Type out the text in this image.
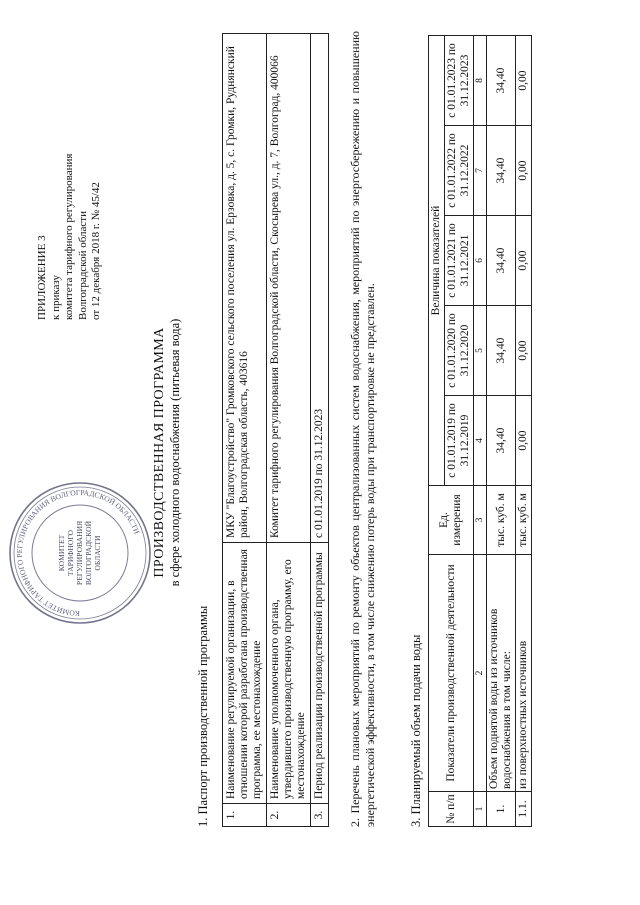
КОМИТЕТ ТАРИФНОГО РЕГУЛИРОВАНИЯ ВОЛГОГРАДСКОЙ ОБЛАСТИ
КОМИТЕТ ТАРИФНОГО РЕГУЛИРОВАНИЯ ВОЛГОГРАДСКОЙ ОБЛАСТИ
ПРИЛОЖЕНИЕ 3 к приказу комитета тарифного регулирования Волгоградской области от 12 декабря 2018 г. № 45/42
ПРОИЗВОДСТВЕННАЯ ПРОГРАММА в сфере холодного водоснабжения (питьевая вода)
1. Паспорт производственной программы 1.	Наименование регулируемой организации, в отношении которой разработана производственная программа, ее местонахождение	МКУ "Благоустройство" Громковского сельского поселения ул. Ерзовка, д. 5, с. Громки, Руднянский район, Волгоградская область, 403616
2.	Наименование уполномоченного органа, утвердившего производственную программу, его местонахождение	Комитет тарифного регулирования Волгоградской области, Скосырева ул., д. 7, Волгоград, 400066
3.	Период реализации производственной программы	с 01.01.2019 по 31.12.2023 2. Перечень плановых мероприятий по ремонту объектов централизованных систем водоснабжения, мероприятий по энергосбережению и повышению энергетической эффективности, в том числе снижению потерь воды при транспортировке не представлен.	3. Планируемый объем подачи воды № п/п	Показатели производственной деятельности	Ед. измерения	Величина показателей				
			с 01.01.2019 по 31.12.2019	с 01.01.2020 по 31.12.2020	с 01.01.2021 по 31.12.2021	с 01.01.2022 по 31.12.2022	с 01.01.2023 по 31.12.2023
1	2	3	4	5	6	7	8
1.	Объем поднятой воды из источников водоснабжения в том числе:	тыс. куб. м	34,40	34,40	34,40	34,40	34,40
1.1.	из поверхностных источников	тыс. куб. м	0,00	0,00	0,00	0,00	0,00
